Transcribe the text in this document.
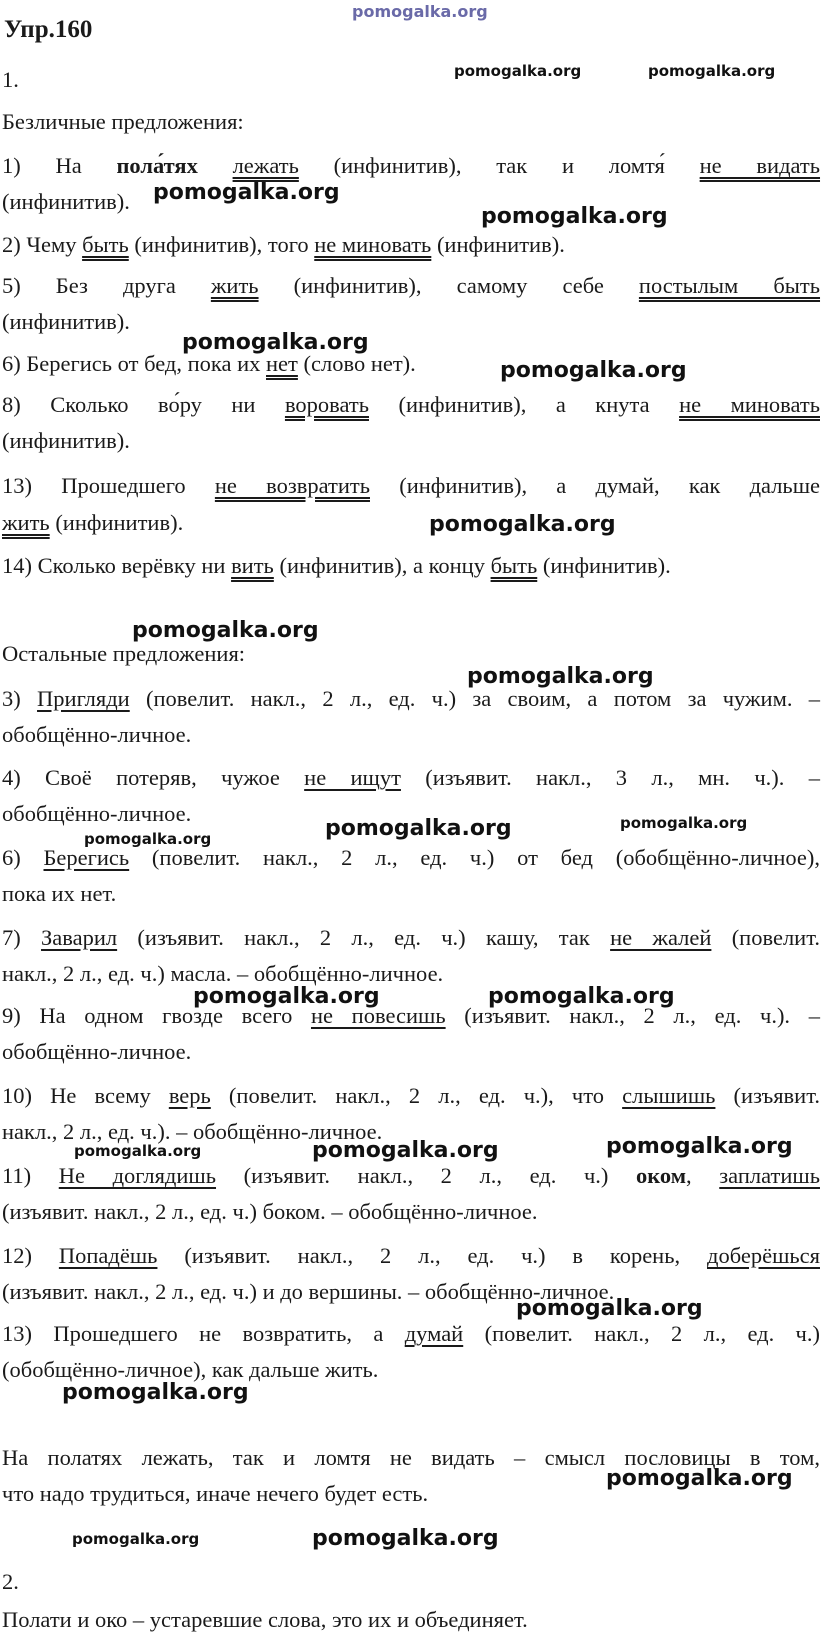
pomogalka.org
Упр.160
1.
Безличные предложения:
1) На пола́тях лежать (инфинитив), так и ломтя́ не видать
(инфинитив).
2) Чему быть (инфинитив), того не миновать (инфинитив).
5) Без друга жить (инфинитив), самому себе постылым быть
(инфинитив).
6) Берегись от бед, пока их нет (слово нет).
8) Сколько во́ру ни воровать (инфинитив), а кнута не миновать
(инфинитив).
13) Прошедшего не возвратить (инфинитив), а думай, как дальше
жить (инфинитив).
14) Сколько верёвку ни вить (инфинитив), а концу быть (инфинитив).
Остальные предложения:
3) Пригляди (повелит. накл., 2 л., ед. ч.) за своим, а потом за чужим. –
обобщённо-личное.
4) Своё потеряв, чужое не ищут (изъявит. накл., 3 л., мн. ч.). –
обобщённо-личное.
6) Берегись (повелит. накл., 2 л., ед. ч.) от бед (обобщённо-личное),
пока их нет.
7) Заварил (изъявит. накл., 2 л., ед. ч.) кашу, так не жалей (повелит.
накл., 2 л., ед. ч.) масла. – обобщённо-личное.
9) На одном гвозде всего не повесишь (изъявит. накл., 2 л., ед. ч.). –
обобщённо-личное.
10) Не всему верь (повелит. накл., 2 л., ед. ч.), что слышишь (изъявит.
накл., 2 л., ед. ч.). – обобщённо-личное.
11) Не доглядишь (изъявит. накл., 2 л., ед. ч.) оком, заплатишь
(изъявит. накл., 2 л., ед. ч.) боком. – обобщённо-личное.
12) Попадёшь (изъявит. накл., 2 л., ед. ч.) в корень, доберёшься
(изъявит. накл., 2 л., ед. ч.) и до вершины. – обобщённо-личное.
13) Прошедшего не возвратить, а думай (повелит. накл., 2 л., ед. ч.)
(обобщённо-личное), как дальше жить.
На полатях лежать, так и ломтя не видать – смысл пословицы в том,
что надо трудиться, иначе нечего будет есть.
2.
Полати и око – устаревшие слова, это их и объединяет.
pomogalka.org	pomogalka.org
pomogalka.org
pomogalka.org
pomogalka.org
pomogalka.org
pomogalka.org
pomogalka.org
pomogalka.org
pomogalka.org
pomogalka.org
pomogalka.org
pomogalka.org	pomogalka.org
pomogalka.org	pomogalka.org	pomogalka.org
pomogalka.org
pomogalka.org
pomogalka.org
pomogalka.org	pomogalka.org
